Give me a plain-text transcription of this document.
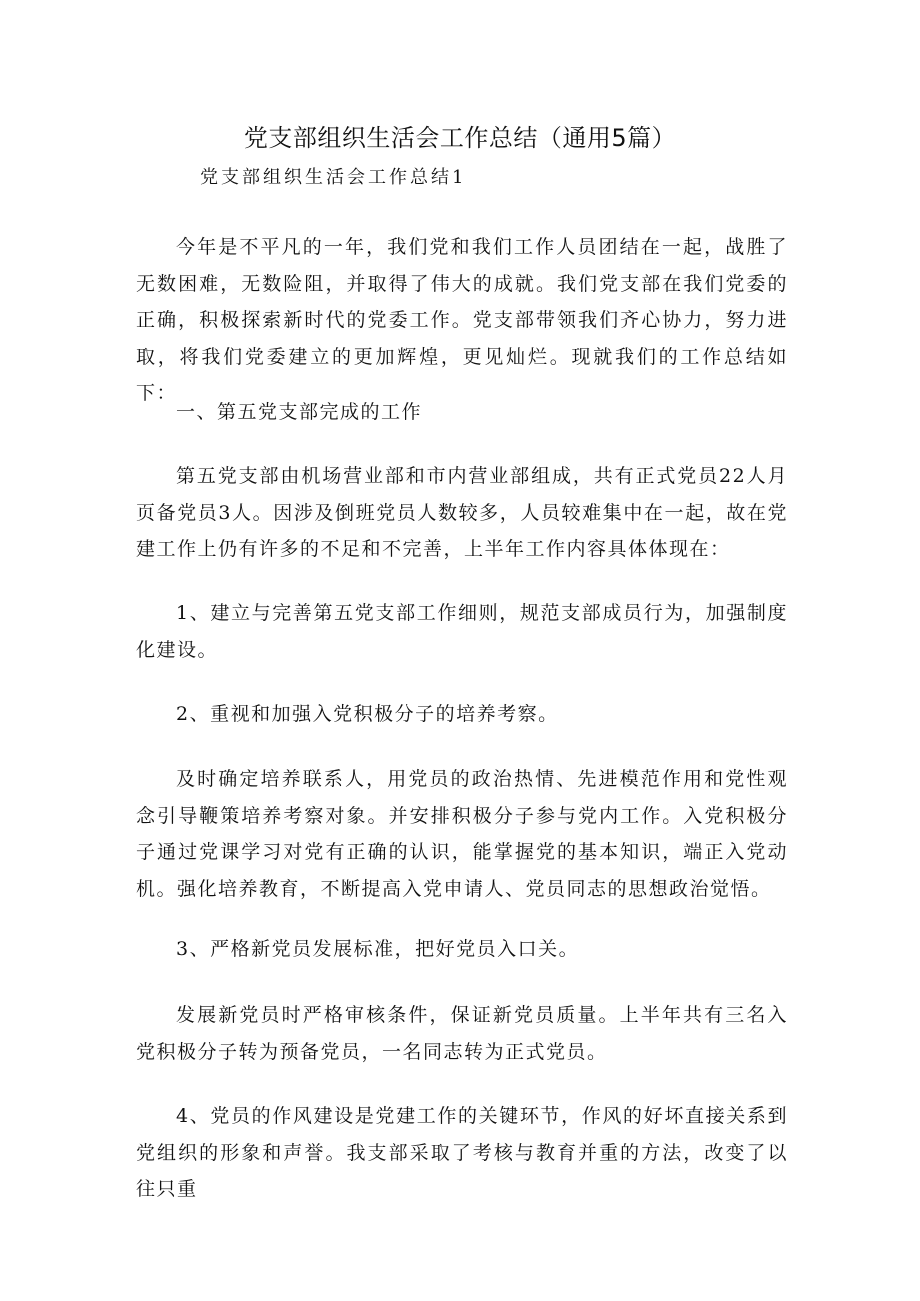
党支部组织生活会工作总结（通用5篇）
党支部组织生活会工作总结1

今年是不平凡的一年，我们党和我们工作人员团结在一起，战胜了无数困难，无数险阻，并取得了伟大的成就。我们党支部在我们党委的正确，积极探索新时代的党委工作。党支部带领我们齐心协力，努力进取，将我们党委建立的更加辉煌，更见灿烂。现就我们的工作总结如下：

一、第五党支部完成的工作

第五党支部由机场营业部和市内营业部组成，共有正式党员22人月页备党员3人。因涉及倒班党员人数较多，人员较难集中在一起，故在党建工作上仍有许多的不足和不完善，上半年工作内容具体体现在：

1、建立与完善第五党支部工作细则，规范支部成员行为，加强制度化建设。

2、重视和加强入党积极分子的培养考察。

及时确定培养联系人，用党员的政治热情、先进模范作用和党性观念引导鞭策培养考察对象。并安排积极分子参与党内工作。入党积极分子通过党课学习对党有正确的认识，能掌握党的基本知识，端正入党动机。强化培养教育，不断提高入党申请人、党员同志的思想政治觉悟。

3、严格新党员发展标准，把好党员入口关。

发展新党员时严格审核条件，保证新党员质量。上半年共有三名入党积极分子转为预备党员，一名同志转为正式党员。

4、党员的作风建设是党建工作的关键环节，作风的好坏直接关系到党组织的形象和声誉。我支部采取了考核与教育并重的方法，改变了以往只重
